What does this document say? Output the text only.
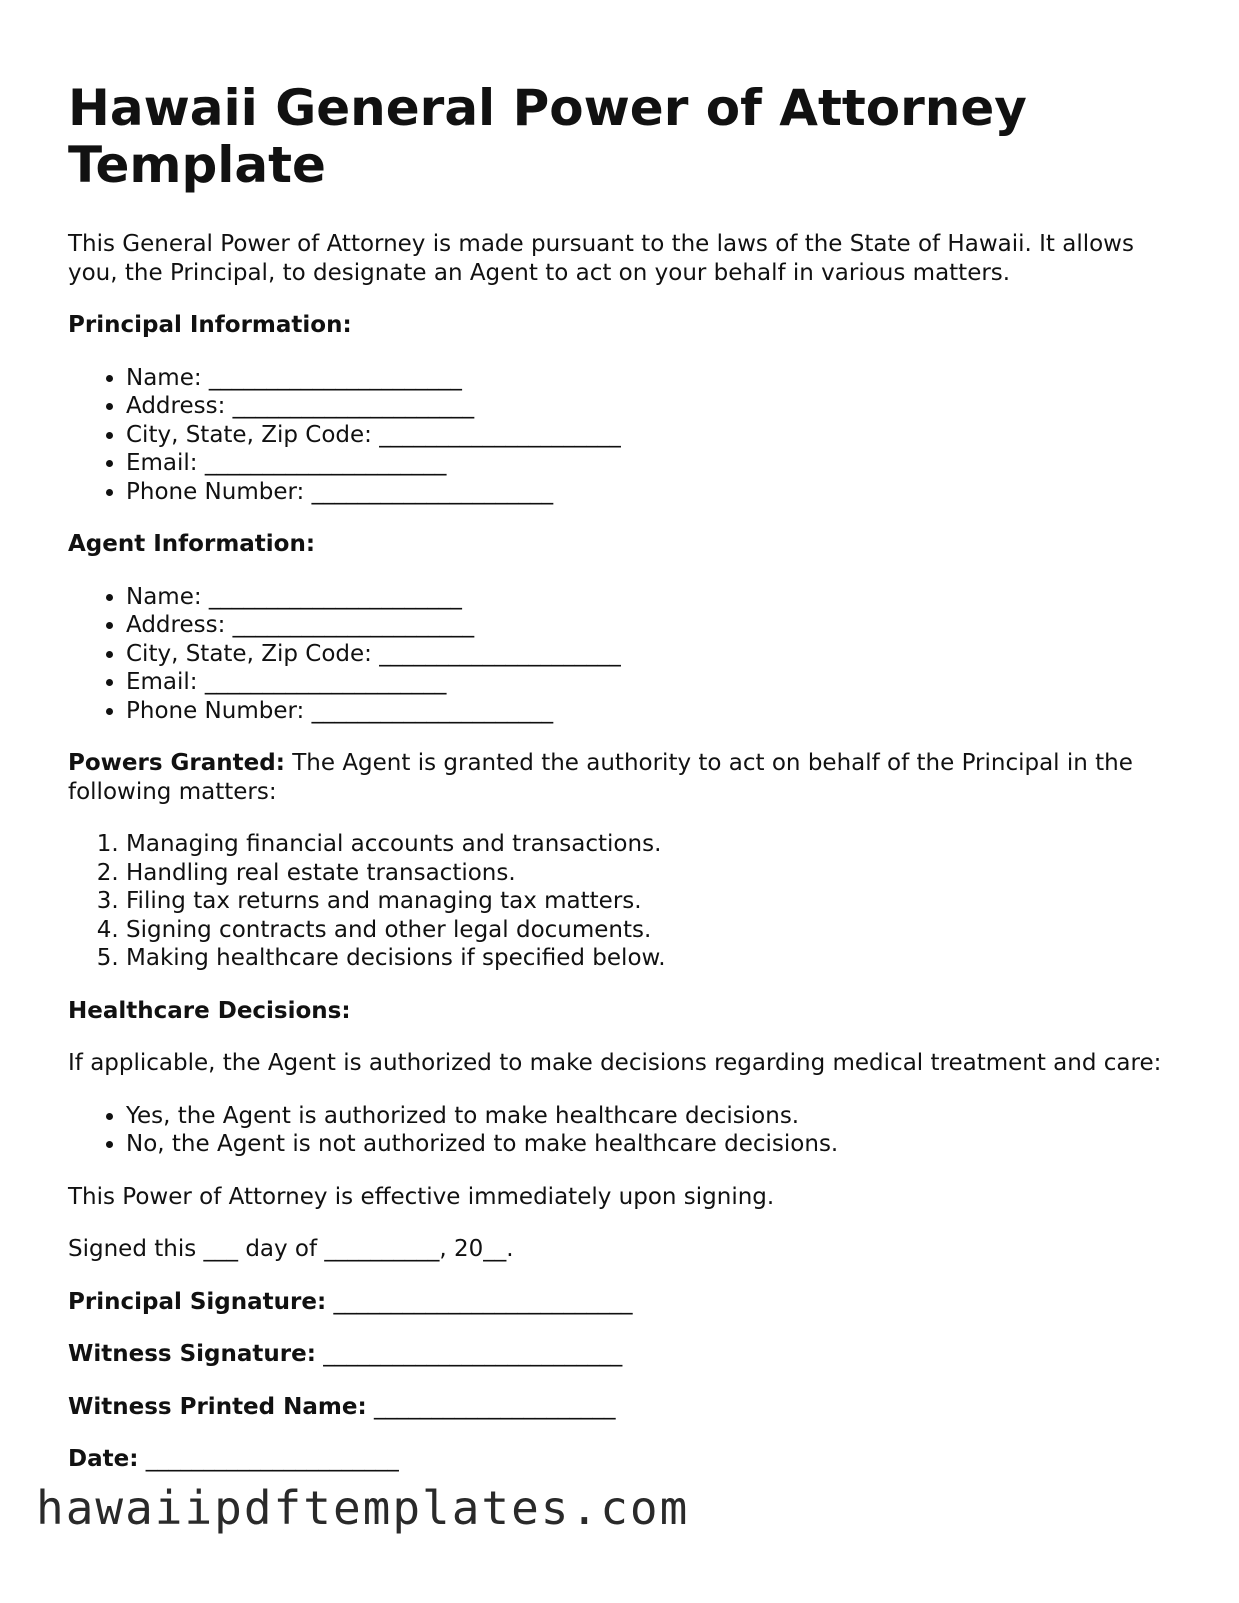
Hawaii General Power of Attorney Template

This General Power of Attorney is made pursuant to the laws of the State of Hawaii. It allows you, the Principal, to designate an Agent to act on your behalf in various matters.

Principal Information:

• Name: ______________________
• Address: _____________________
• City, State, Zip Code: _____________________
• Email: _____________________
• Phone Number: _____________________

Agent Information:

• Name: ______________________
• Address: _____________________
• City, State, Zip Code: _____________________
• Email: _____________________
• Phone Number: _____________________

Powers Granted: The Agent is granted the authority to act on behalf of the Principal in the following matters:

1. Managing financial accounts and transactions.
2. Handling real estate transactions.
3. Filing tax returns and managing tax matters.
4. Signing contracts and other legal documents.
5. Making healthcare decisions if specified below.

Healthcare Decisions:

If applicable, the Agent is authorized to make decisions regarding medical treatment and care:

• Yes, the Agent is authorized to make healthcare decisions.
• No, the Agent is not authorized to make healthcare decisions.

This Power of Attorney is effective immediately upon signing.

Signed this ___ day of __________, 20__.

Principal Signature: __________________________

Witness Signature: __________________________

Witness Printed Name: _____________________

Date: ______________________

hawaiipdftemplates.com
